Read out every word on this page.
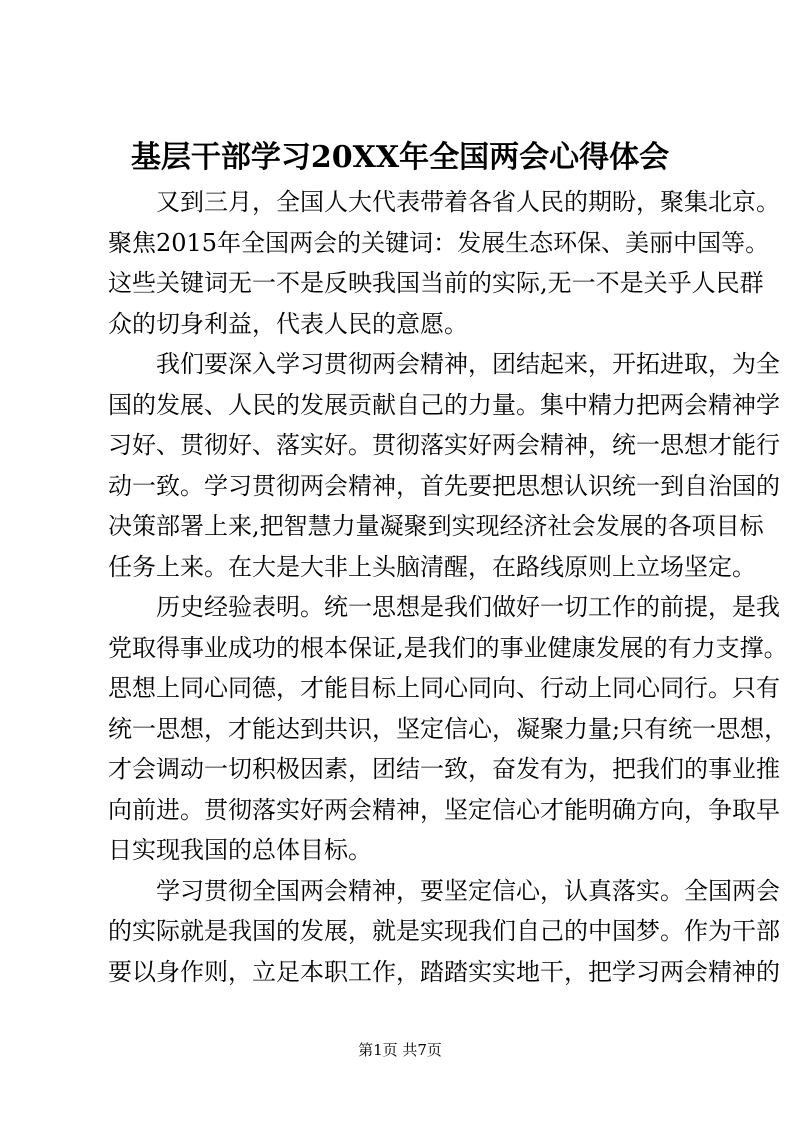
基层干部学习20XX年全国两会心得体会
又到三月，全国人大代表带着各省人民的期盼，聚集北京。
聚焦2015年全国两会的关键词：发展生态环保、美丽中国等。
这些关键词无一不是反映我国当前的实际,无一不是关乎人民群
众的切身利益，代表人民的意愿。
我们要深入学习贯彻两会精神，团结起来，开拓进取，为全
国的发展、人民的发展贡献自己的力量。集中精力把两会精神学
习好、贯彻好、落实好。贯彻落实好两会精神，统一思想才能行
动一致。学习贯彻两会精神，首先要把思想认识统一到自治国的
决策部署上来,把智慧力量凝聚到实现经济社会发展的各项目标
任务上来。在大是大非上头脑清醒，在路线原则上立场坚定。
历史经验表明。统一思想是我们做好一切工作的前提，是我
党取得事业成功的根本保证,是我们的事业健康发展的有力支撑。
思想上同心同德，才能目标上同心同向、行动上同心同行。只有
统一思想，才能达到共识，坚定信心，凝聚力量;只有统一思想，
才会调动一切积极因素，团结一致，奋发有为，把我们的事业推
向前进。贯彻落实好两会精神，坚定信心才能明确方向，争取早
日实现我国的总体目标。
学习贯彻全国两会精神，要坚定信心，认真落实。全国两会
的实际就是我国的发展，就是实现我们自己的中国梦。作为干部
要以身作则，立足本职工作，踏踏实实地干，把学习两会精神的
第1页 共7页
